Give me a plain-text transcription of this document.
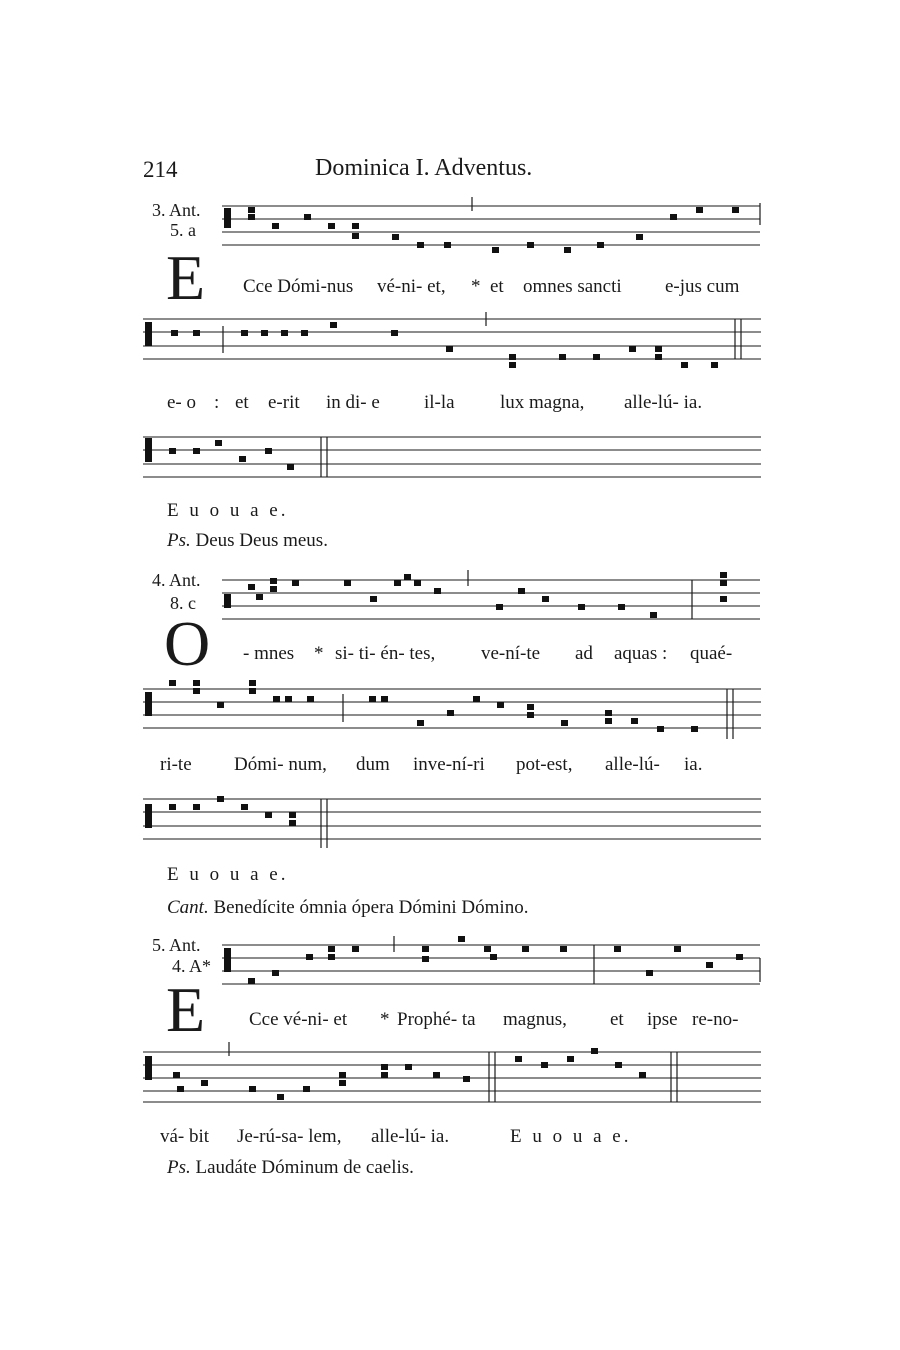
214	Dominica I. Adventus.
3. Ant.
5. a
E Cce Dómi-nus vé-ni- et, * et omnes sancti e-jus cum
e- o : et e-rit in di- e il-la lux magna, alle-lú- ia.
E u o u a e.
Ps. Deus Deus meus.
4. Ant.
8. c
O - mnes * si- ti- én- tes, ve-ní-te ad aquas : quaé-
ri-te Dómi- num, dum inve-ní-ri pot-est, alle-lú- ia.
E u o u a e.
Cant. Benedícite ómnia ópera Dómini Dómino.
5. Ant.
4. A*
E Cce vé-ni- et * Prophé- ta magnus, et ipse re-no-
vá- bit Je-rú-sa- lem, alle-lú- ia.	E u o u a e.
Ps. Laudáte Dóminum de caelis.
